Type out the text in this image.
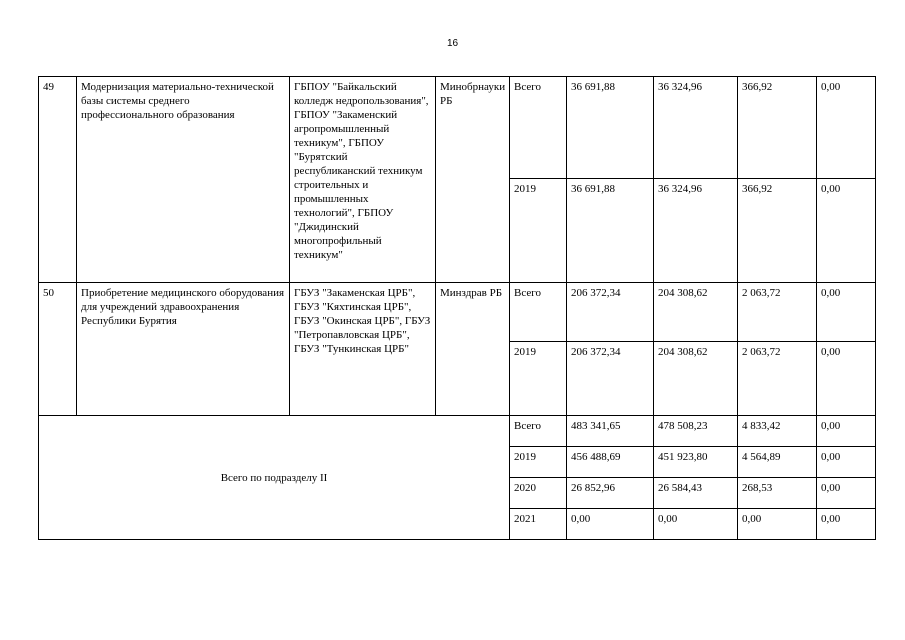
16
49	Модернизация материально-технической базы системы среднего профессионального образования	ГБПОУ "Байкальский колледж недропользования", ГБПОУ "Закаменский агропромышленный техникум", ГБПОУ "Бурятский республиканский техникум строительных и промышленных технологий", ГБПОУ "Джидинский многопрофильный техникум"	Минобрнауки РБ	Всего	36 691,88	36 324,96	366,92	0,00
				2019	36 691,88	36 324,96	366,92	0,00
50	Приобретение медицинского оборудования для учреждений здравоохранения Республики Бурятия	ГБУЗ "Закаменская ЦРБ", ГБУЗ "Кяхтинская ЦРБ", ГБУЗ "Окинская ЦРБ", ГБУЗ "Петропавловская ЦРБ", ГБУЗ "Тункинская ЦРБ"	Минздрав РБ	Всего	206 372,34	204 308,62	2 063,72	0,00
				2019	206 372,34	204 308,62	2 063,72	0,00
Всего по подразделу II				Всего	483 341,65	478 508,23	4 833,42	0,00
				2019	456 488,69	451 923,80	4 564,89	0,00
				2020	26 852,96	26 584,43	268,53	0,00
				2021	0,00	0,00	0,00	0,00
